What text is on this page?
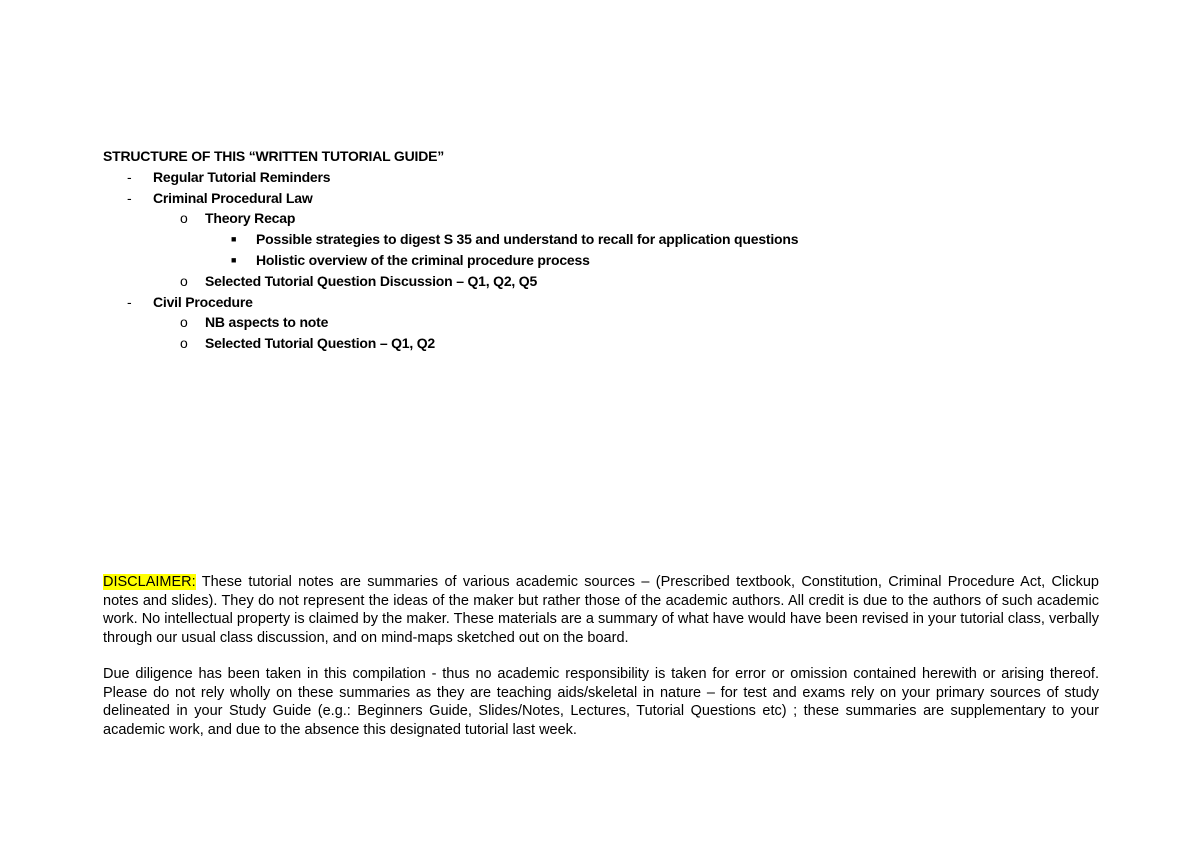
STRUCTURE OF THIS “WRITTEN TUTORIAL GUIDE”
- Regular Tutorial Reminders
- Criminal Procedural Law
o Theory Recap
■ Possible strategies to digest S 35 and understand to recall for application questions
■ Holistic overview of the criminal procedure process
o Selected Tutorial Question Discussion – Q1, Q2, Q5
- Civil Procedure
o NB aspects to note
o Selected Tutorial Question – Q1, Q2

DISCLAIMER: These tutorial notes are summaries of various academic sources – (Prescribed textbook, Constitution, Criminal Procedure Act, Clickup notes and slides). They do not represent the ideas of the maker but rather those of the academic authors. All credit is due to the authors of such academic work. No intellectual property is claimed by the maker. These materials are a summary of what have would have been revised in your tutorial class, verbally through our usual class discussion, and on mind-maps sketched out on the board.

Due diligence has been taken in this compilation - thus no academic responsibility is taken for error or omission contained herewith or arising thereof. Please do not rely wholly on these summaries as they are teaching aids/skeletal in nature – for test and exams rely on your primary sources of study delineated in your Study Guide (e.g.: Beginners Guide, Slides/Notes, Lectures, Tutorial Questions etc) ; these summaries are supplementary to your academic work, and due to the absence this designated tutorial last week.
